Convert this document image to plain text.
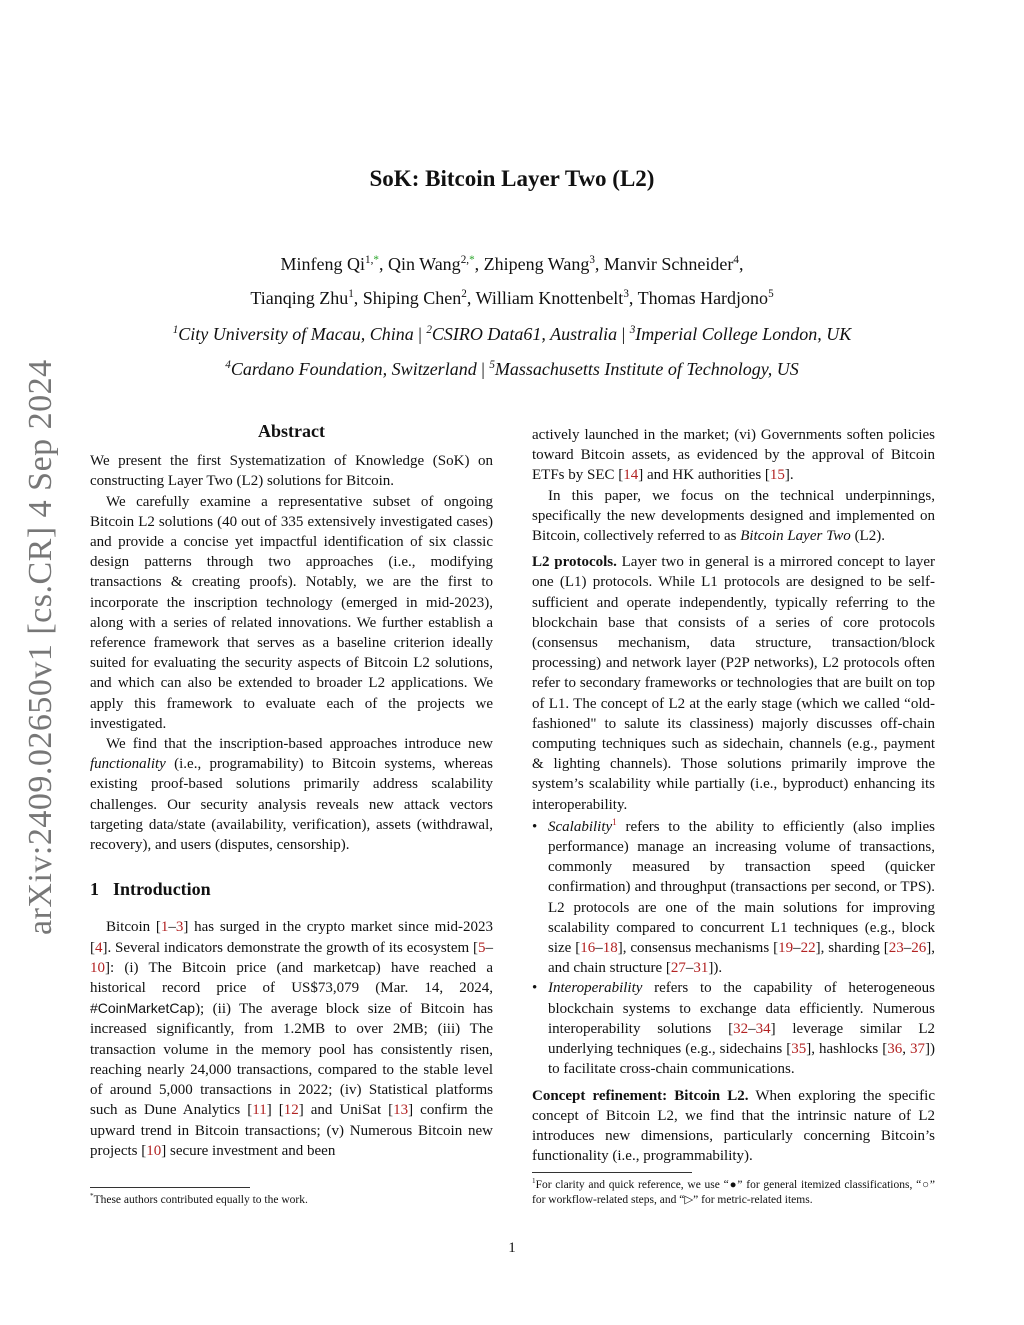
arXiv:2409.02650v1 [cs.CR] 4 Sep 2024
SoK: Bitcoin Layer Two (L2)
Minfeng $Qi^{1,*}$, Qin Wang$^{2,*}$, Zhipeng Wang$^3$, Manvir Schneider$^4$,
Tianqing Zhu$^1$, Shiping Chen$^2$, William Knottenbelt$^3$, Thomas Hardjono$^5$
$^1$City University of Macau, China | $^2$CSIRO Data61, Australia | $^3$Imperial College London, UK
$^4$Cardano Foundation, Switzerland | $^5$Massachusetts Institute of Technology, US
Abstract

We present the first Systematization of Knowledge (SoK) on constructing Layer Two (L2) solutions for Bitcoin.

We carefully examine a representative subset of ongoing Bitcoin L2 solutions (40 out of 335 extensively investigated cases) and provide a concise yet impactful identification of six classic design patterns through two approaches (i.e., modifying transactions & creating proofs). Notably, we are the first to incorporate the inscription technology (emerged in mid-2023), along with a series of related innovations. We further establish a reference framework that serves as a baseline criterion ideally suited for evaluating the security aspects of Bitcoin L2 solutions, and which can also be extended to broader L2 applications. We apply this framework to evaluate each of the projects we investigated.

We find that the inscription-based approaches introduce new functionality (i.e., programability) to Bitcoin systems, whereas existing proof-based solutions primarily address scalability challenges. Our security analysis reveals new attack vectors targeting data/state (availability, verification), assets (withdrawal, recovery), and users (disputes, censorship).

1 Introduction

Bitcoin [1–3] has surged in the crypto market since mid-2023 [4]. Several indicators demonstrate the growth of its ecosystem [5–10]: (i) The Bitcoin price (and marketcap) have reached a historical record price of US$73,079 (Mar. 14, 2024, #CoinMarketCap); (ii) The average block size of Bitcoin has increased significantly, from 1.2MB to over 2MB; (iii) The transaction volume in the memory pool has consistently risen, reaching nearly 24,000 transactions, compared to the stable level of around 5,000 transactions in 2022; (iv) Statistical platforms such as Dune Analytics [11] [12] and UniSat [13] confirm the upward trend in Bitcoin transactions; (v) Numerous Bitcoin new projects [10] secure investment and been

*These authors contributed equally to the work.

actively launched in the market; (vi) Governments soften policies toward Bitcoin assets, as evidenced by the approval of Bitcoin ETFs by SEC [14] and HK authorities [15].

In this paper, we focus on the technical underpinnings, specifically the new developments designed and implemented on Bitcoin, collectively referred to as Bitcoin Layer Two (L2).

L2 protocols. Layer two in general is a mirrored concept to layer one (L1) protocols. While L1 protocols are designed to be self-sufficient and operate independently, typically referring to the blockchain base that consists of a series of core protocols (consensus mechanism, data structure, transaction/block processing) and network layer (P2P networks), L2 protocols often refer to secondary frameworks or technologies that are built on top of L1. The concept of L2 at the early stage (which we called “old-fashioned" to salute its classiness) majorly discusses off-chain computing techniques such as sidechain, channels (e.g., payment & lighting channels). Those solutions primarily improve the system’s scalability while partially (i.e., byproduct) enhancing its interoperability.

• Scalability$^1$ refers to the ability to efficiently (also implies performance) manage an increasing volume of transactions, commonly measured by transaction speed (quicker confirmation) and throughput (transactions per second, or TPS). L2 protocols are one of the main solutions for improving scalability compared to concurrent L1 techniques (e.g., block size [16–18], consensus mechanisms [19–22], sharding [23–26], and chain structure [27–31]).
• Interoperability refers to the capability of heterogeneous blockchain systems to exchange data efficiently. Numerous interoperability solutions [32–34] leverage similar L2 underlying techniques (e.g., sidechains [35], hashlocks [36, 37]) to facilitate cross-chain communications.

Concept refinement: Bitcoin L2. When exploring the specific concept of Bitcoin L2, we find that the intrinsic nature of L2 introduces new dimensions, particularly concerning Bitcoin’s functionality (i.e., programmability).

$^1$For clarity and quick reference, we use “●” for general itemized classifications, “○” for workflow-related steps, and “▷” for metric-related items.
1
